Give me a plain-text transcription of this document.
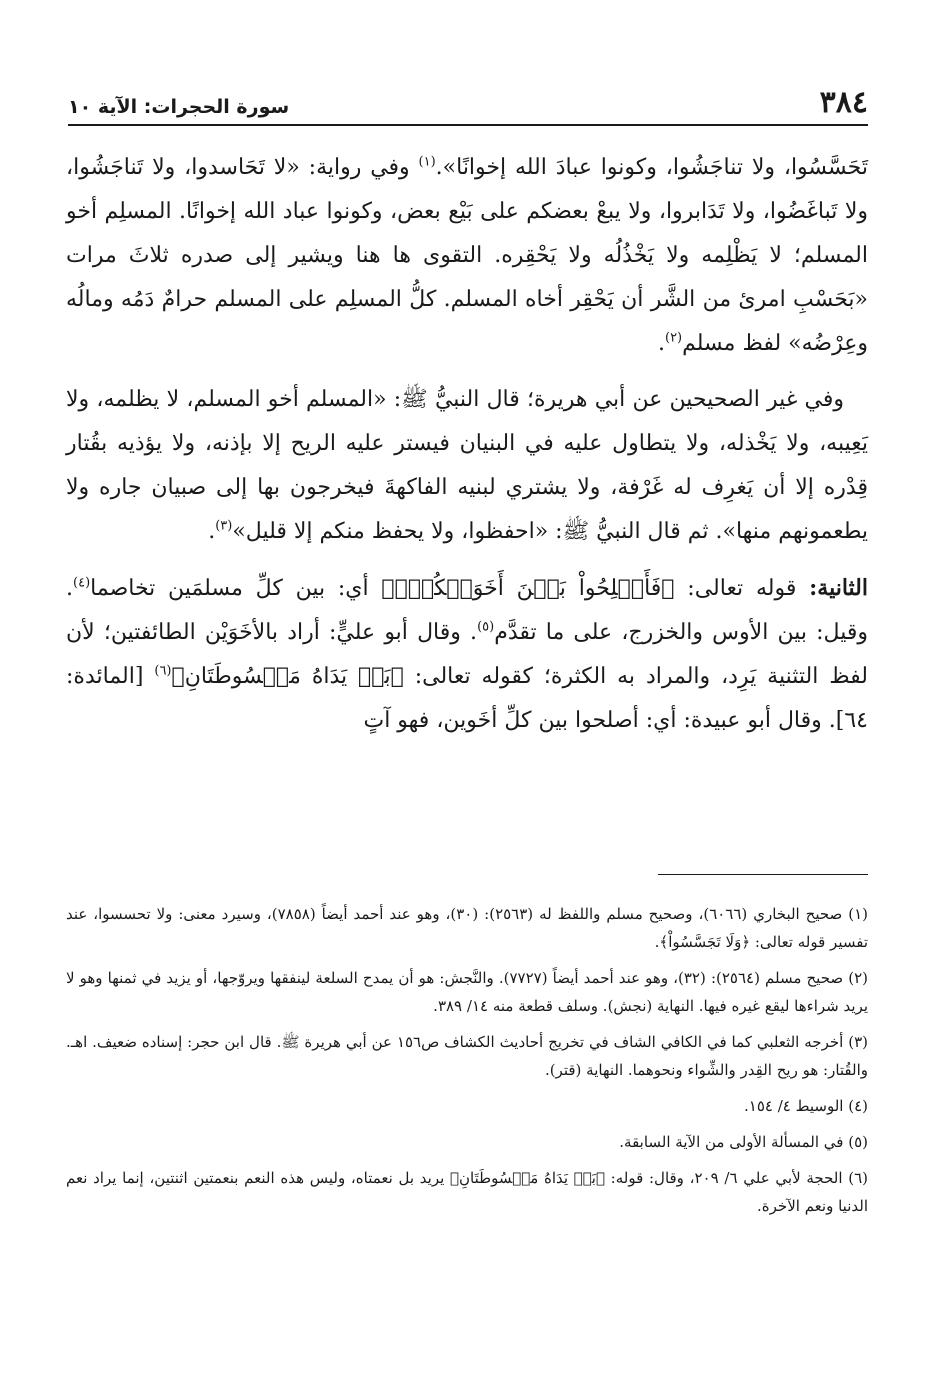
٣٨٤
سورة الحجرات: الآية ١٠

تَحَسَّسُوا، ولا تناجَشُوا، وكونوا عبادَ الله إخوانًا».$^{(١)}$ وفي رواية: «لا تَحَاسدوا، ولا تَناجَشُوا، ولا تَباغَضُوا، ولا تَدَابروا، ولا يبعْ بعضكم على بَيْع بعض، وكونوا عباد الله إخوانًا. المسلِم أخو المسلم؛ لا يَظْلِمه ولا يَخْذُلُه ولا يَحْقِره. التقوى ها هنا ويشير إلى صدره ثلاثَ مرات «بَحَسْبِ امرئ من الشَّر أن يَحْقِر أخاه المسلم. كلُّ المسلِم على المسلم حرامٌ دَمُه ومالُه وعِرْضُه» لفظ مسلم$^{(٢)}$.

وفي غير الصحيحين عن أبي هريرة؛ قال النبيُّ ﷺ: «المسلم أخو المسلم، لا يظلمه، ولا يَعِيبه، ولا يَخْذله، ولا يتطاول عليه في البنيان فيستر عليه الريح إلا بإذنه، ولا يؤذيه بقُتار قِدْره إلا أن يَغرِف له غَرْفة، ولا يشتري لبنيه الفاكهةَ فيخرجون بها إلى صبيان جاره ولا يطعمونهم منها». ثم قال النبيُّ ﷺ: «احفظوا، ولا يحفظ منكم إلا قليل»$^{(٣)}$.

الثانية: قوله تعالى: ﴿فَأَصۡلِحُواْ بَيۡنَ أَخَوَيۡكُمۡۚ﴾ أي: بين كلِّ مسلمَين تخاصما$^{(٤)}$. وقيل: بين الأوس والخزرج، على ما تقدَّم$^{(٥)}$. وقال أبو عليٍّ: أراد بالأخَوَيْن الطائفتين؛ لأن لفظ التثنية يَرِد، والمراد به الكثرة؛ كقوله تعالى: ﴿بَلۡ يَدَاهُ مَبۡسُوطَتَانِ﴾$^{(٦)}$ [المائدة: ٦٤]. وقال أبو عبيدة: أي: أصلحوا بين كلِّ أخَوين، فهو آتٍ

(١) صحيح البخاري (٦٠٦٦)، وصحيح مسلم واللفظ له (٢٥٦٣): (٣٠)، وهو عند أحمد أيضاً (٧٨٥٨)، وسيرد معنى: ولا تحسسوا، عند تفسير قوله تعالى: ﴿وَلَا تَجَسَّسُواْ﴾.

(٢) صحيح مسلم (٢٥٦٤): (٣٢)، وهو عند أحمد أيضاً (٧٧٢٧). والنَّجش: هو أن يمدح السلعة لينفقها ويروّجها، أو يزيد في ثمنها وهو لا يريد شراءها ليقع غيره فيها. النهاية (نجش). وسلف قطعة منه ١٤/ ٣٨٩.

(٣) أخرجه الثعلبي كما في الكافي الشاف في تخريج أحاديث الكشاف ص١٥٦ عن أبي هريرة ﷺ. قال ابن حجر: إسناده ضعيف. اهـ. والقُتار: هو ريح القِدر والشِّواء ونحوهما. النهاية (قتر).

(٤) الوسيط ٤/ ١٥٤.

(٥) في المسألة الأولى من الآية السابقة.

(٦) الحجة لأبي علي ٦/ ٢٠٩، وقال: قوله: ﴿بَلۡ يَدَاهُ مَبۡسُوطَتَانِ﴾ يريد بل نعمتاه، وليس هذه النعم بنعمتين اثنتين، إنما يراد نعم الدنيا ونعم الآخرة.
